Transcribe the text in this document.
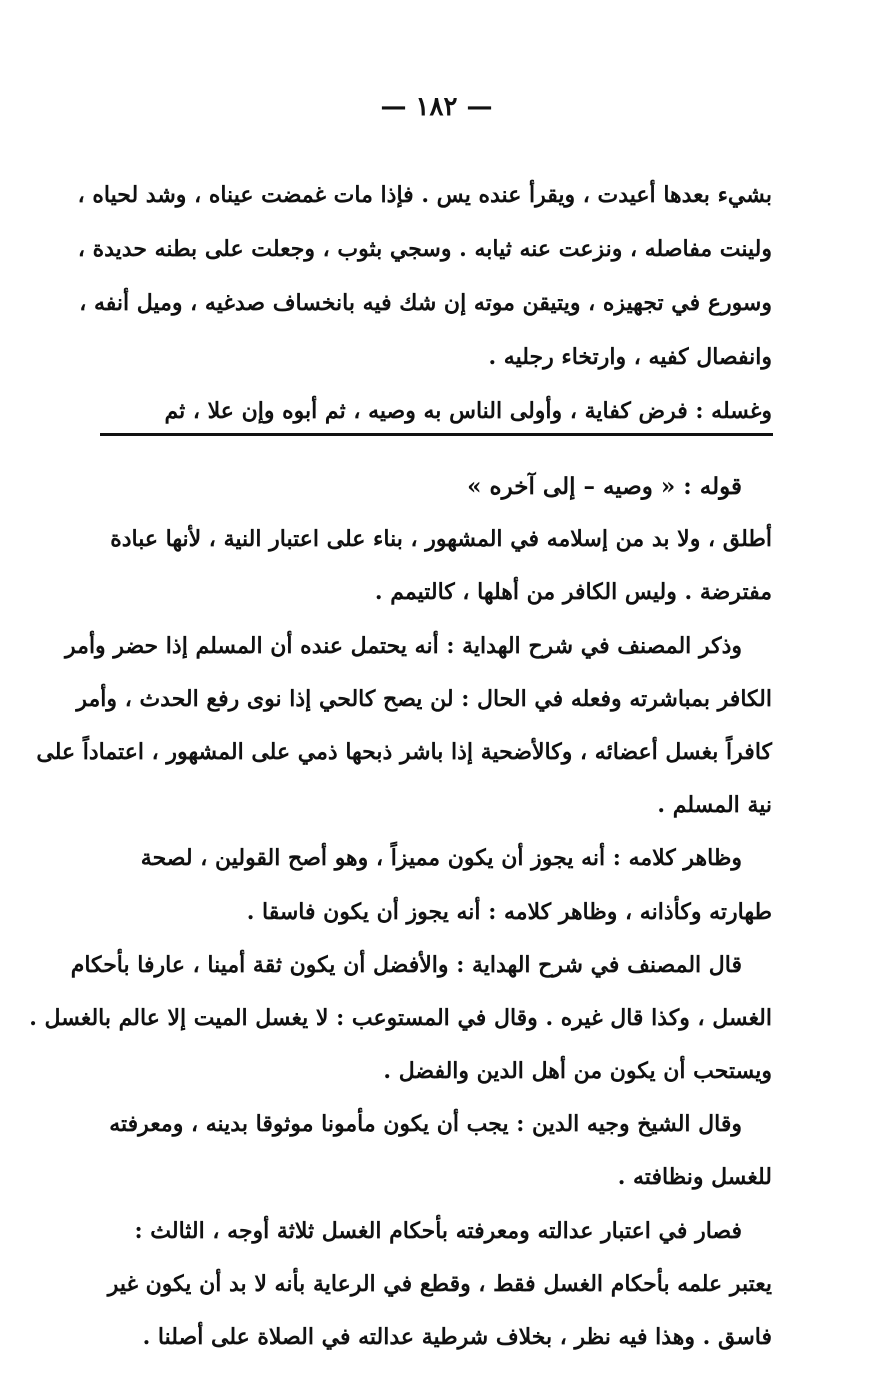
— ١٨٢ —
بشيء بعدها أعيدت ، ويقرأ عنده يس . فإذا مات غمضت عيناه ، وشد لحياه ،
ولينت مفاصله ، ونزعت عنه ثيابه . وسجي بثوب ، وجعلت على بطنه حديدة ،
وسورع في تجهيزه ، ويتيقن موته إن شك فيه بانخساف صدغيه ، وميل أنفه ،
وانفصال كفيه ، وارتخاء رجليه .
وغسله : فرض كفاية ، وأولى الناس به وصيه ، ثم أبوه وإن علا ، ثم
قوله : « وصيه – إلى آخره »
أطلق ، ولا بد من إسلامه في المشهور ، بناء على اعتبار النية ، لأنها عبادة
مفترضة . وليس الكافر من أهلها ، كالتيمم .
وذكر المصنف في شرح الهداية : أنه يحتمل عنده أن المسلم إذا حضر وأمر
الكافر بمباشرته وفعله في الحال : لن يصح كالحي إذا نوى رفع الحدث ، وأمر
كافراً بغسل أعضائه ، وكالأضحية إذا باشر ذبحها ذمي على المشهور ، اعتماداً على
نية المسلم .
وظاهر كلامه : أنه يجوز أن يكون مميزاً ، وهو أصح القولين ، لصحة
طهارته وكأذانه ، وظاهر كلامه : أنه يجوز أن يكون فاسقا .
قال المصنف في شرح الهداية : والأفضل أن يكون ثقة أمينا ، عارفا بأحكام
الغسل ، وكذا قال غيره . وقال في المستوعب : لا يغسل الميت إلا عالم بالغسل .
ويستحب أن يكون من أهل الدين والفضل .
وقال الشيخ وجيه الدين : يجب أن يكون مأمونا موثوقا بدينه ، ومعرفته
للغسل ونظافته .
فصار في اعتبار عدالته ومعرفته بأحكام الغسل ثلاثة أوجه ، الثالث :
يعتبر علمه بأحكام الغسل فقط ، وقطع في الرعاية بأنه لا بد أن يكون غير
فاسق . وهذا فيه نظر ، بخلاف شرطية عدالته في الصلاة على أصلنا .
